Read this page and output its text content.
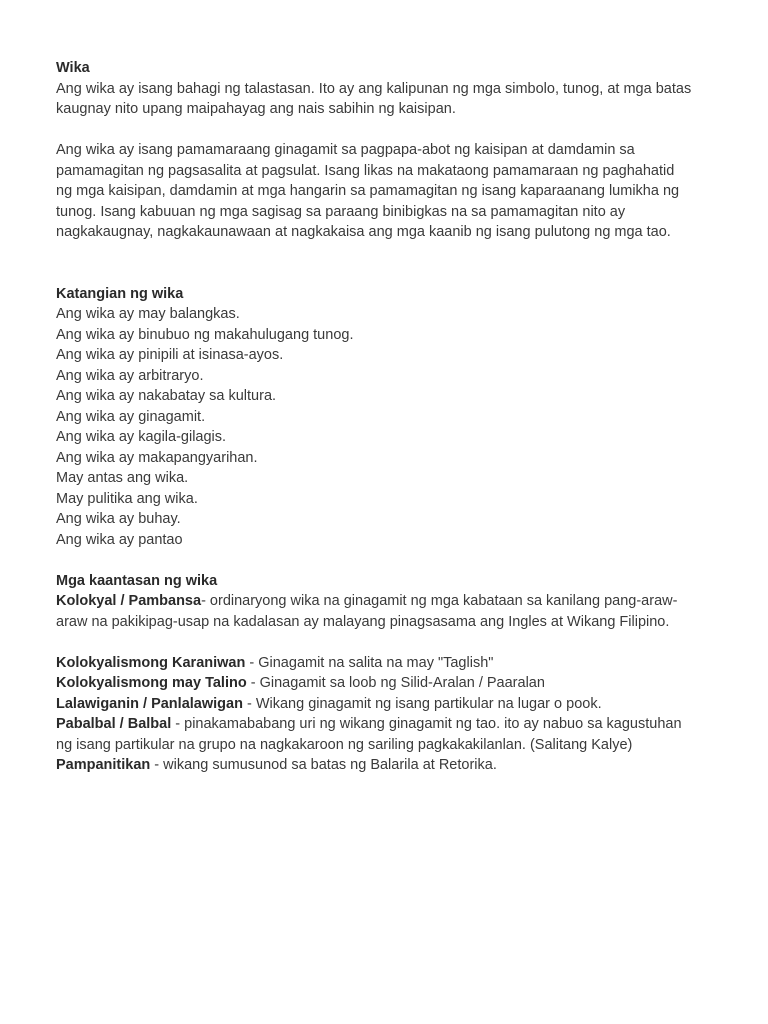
Wika

Ang wika ay isang bahagi ng talastasan. Ito ay ang kalipunan ng mga simbolo, tunog, at mga batas

kaugnay nito upang maipahayag ang nais sabihin ng kaisipan.

Ang wika ay isang pamamaraang ginagamit sa pagpapa-abot ng kaisipan at damdamin sa

pamamagitan ng pagsasalita at pagsulat. Isang likas na makataong pamamaraan ng paghahatid

ng mga kaisipan, damdamin at mga hangarin sa pamamagitan ng isang kaparaanang lumikha ng

tunog. Isang kabuuan ng mga sagisag sa paraang binibigkas na sa pamamagitan nito ay

nagkakaugnay, nagkakaunawaan at nagkakaisa ang mga kaanib ng isang pulutong ng mga tao.

Katangian ng wika

Ang wika ay may balangkas.

Ang wika ay binubuo ng makahulugang tunog.

Ang wika ay pinipili at isinasa-ayos.

Ang wika ay arbitraryo.

Ang wika ay nakabatay sa kultura.

Ang wika ay ginagamit.

Ang wika ay kagila-gilagis.

Ang wika ay makapangyarihan.

May antas ang wika.

May pulitika ang wika.

Ang wika ay buhay.

Ang wika ay pantao

Mga kaantasan ng wika

Kolokyal / Pambansa- ordinaryong wika na ginagamit ng mga kabataan sa kanilang pang-araw-

araw na pakikipag-usap na kadalasan ay malayang pinagsasama ang Ingles at Wikang Filipino.

Kolokyalismong Karaniwan - Ginagamit na salita na may "Taglish"

Kolokyalismong may Talino - Ginagamit sa loob ng Silid-Aralan / Paaralan

Lalawiganin / Panlalawigan - Wikang ginagamit ng isang partikular na lugar o pook.

Pabalbal / Balbal - pinakamababang uri ng wikang ginagamit ng tao. ito ay nabuo sa kagustuhan

ng isang partikular na grupo na nagkakaroon ng sariling pagkakakilanlan. (Salitang Kalye)

Pampanitikan - wikang sumusunod sa batas ng Balarila at Retorika.
